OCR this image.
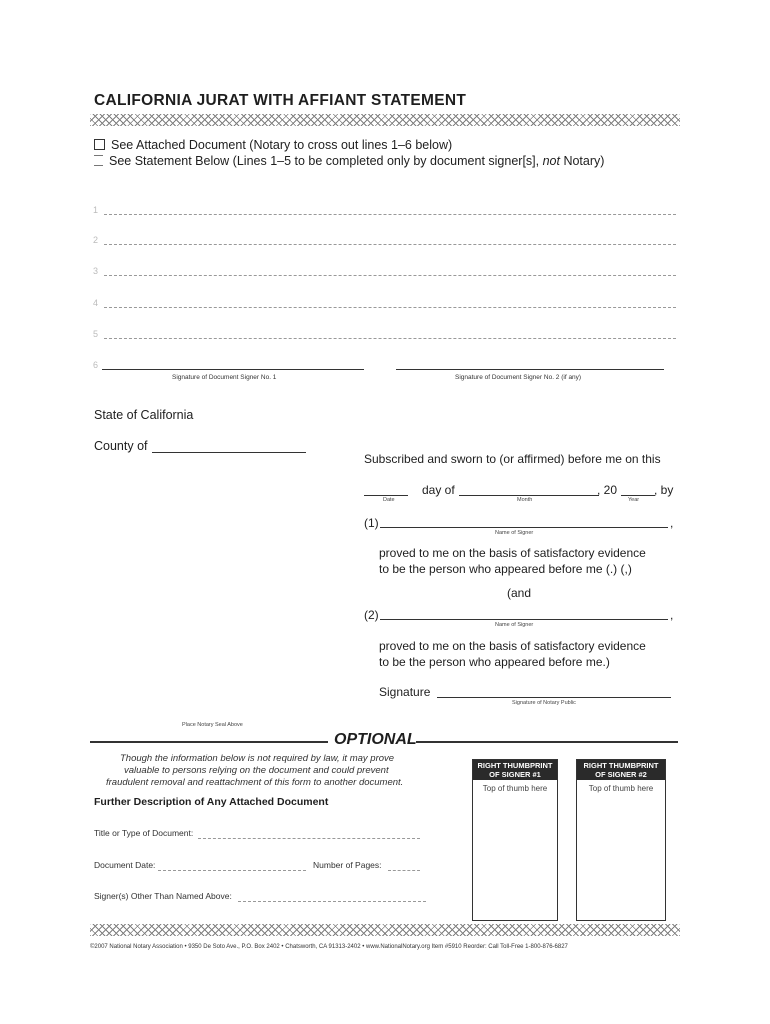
CALIFORNIA JURAT WITH AFFIANT STATEMENT
See Attached Document (Notary to cross out lines 1–6 below)
See Statement Below (Lines 1–5 to be completed only by document signer[s], not Notary)
1
2
3
4
5
6
Signature of Document Signer No. 1	Signature of Document Signer No. 2 (if any)
State of California
County of
Subscribed and sworn to (or affirmed) before me on this
day of	, 20	, by
Date	Month	Year
(1)	,
Name of Signer
proved to me on the basis of satisfactory evidence
to be the person who appeared before me (.) (,)
(and
(2)	,
Name of Signer
proved to me on the basis of satisfactory evidence
to be the person who appeared before me.)
Signature
Signature of Notary Public
Place Notary Seal Above
OPTIONAL
Though the information below is not required by law, it may prove
valuable to persons relying on the document and could prevent
fraudulent removal and reattachment of this form to another document.
RIGHT THUMBPRINT
OF SIGNER #1
Top of thumb here
RIGHT THUMBPRINT
OF SIGNER #2
Top of thumb here
Further Description of Any Attached Document
Title or Type of Document:
Document Date:	Number of Pages:
Signer(s) Other Than Named Above:
©2007 National Notary Association • 9350 De Soto Ave., P.O. Box 2402 • Chatsworth, CA 91313-2402 • www.NationalNotary.org Item #5910 Reorder: Call Toll-Free 1-800-876-6827
